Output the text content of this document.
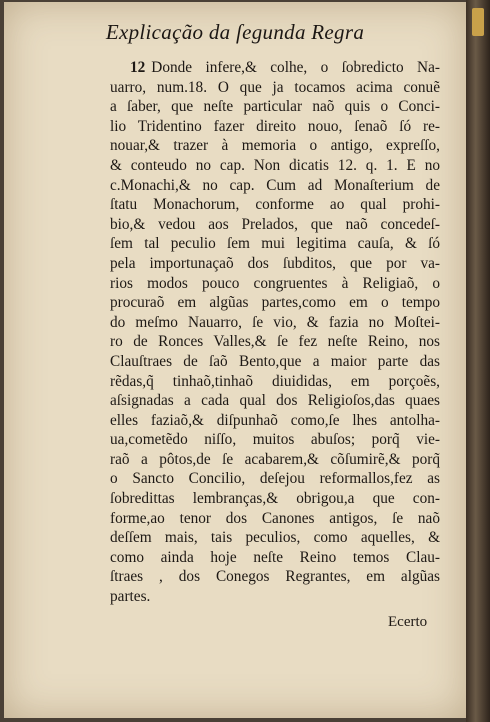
Explicação da ſegunda Regra
12 Donde infere,& colhe, o ſobredicto Na-
uarro, num.18. O que ja tocamos acima conuẽ
a ſaber, que neſte particular naõ quis o Conci-
lio Tridentino fazer direito nouo, ſenaõ ſó re-
nouar,& trazer à memoria o antigo, expreſſo,
& conteudo no cap. Non dicatis 12. q. 1. E no
c.Monachi,& no cap. Cum ad Monaſterium de
ſtatu Monachorum, conforme ao qual prohi-
bio,& vedou aos Prelados, que naõ concedeſ-
ſem tal peculio ſem mui legitima cauſa, & ſó
pela importunaçaõ dos ſubditos, que por va-
rios modos pouco congruentes à Religiaõ, o
procuraõ em algũas partes,como em o tempo
do meſmo Nauarro, ſe vio, & fazia no Moſtei-
ro de Ronces Valles,& ſe fez neſte Reino, nos
Clauſtraes de ſaõ Bento,que a maior parte das
rẽdas,q̃ tinhaõ,tinhaõ diuididas, em porçoẽs,
aſsignadas a cada qual dos Religioſos,das quaes
elles faziaõ,& diſpunhaõ como,ſe lhes antolha-
ua,cometẽdo niſſo, muitos abuſos; porq̃ vie-
raõ a pôtos,de ſe acabarem,& cõſumirẽ,& porq̃
o Sancto Concilio, deſejou reformallos,fez as
ſobredittas lembranças,& obrigou,a que con-
forme,ao tenor dos Canones antigos, ſe naõ
deſſem mais, tais peculios, como aquelles, &
como ainda hoje neſte Reino temos Clau-
ſtraes , dos Conegos Regrantes, em algũas
partes.
Ecerto
